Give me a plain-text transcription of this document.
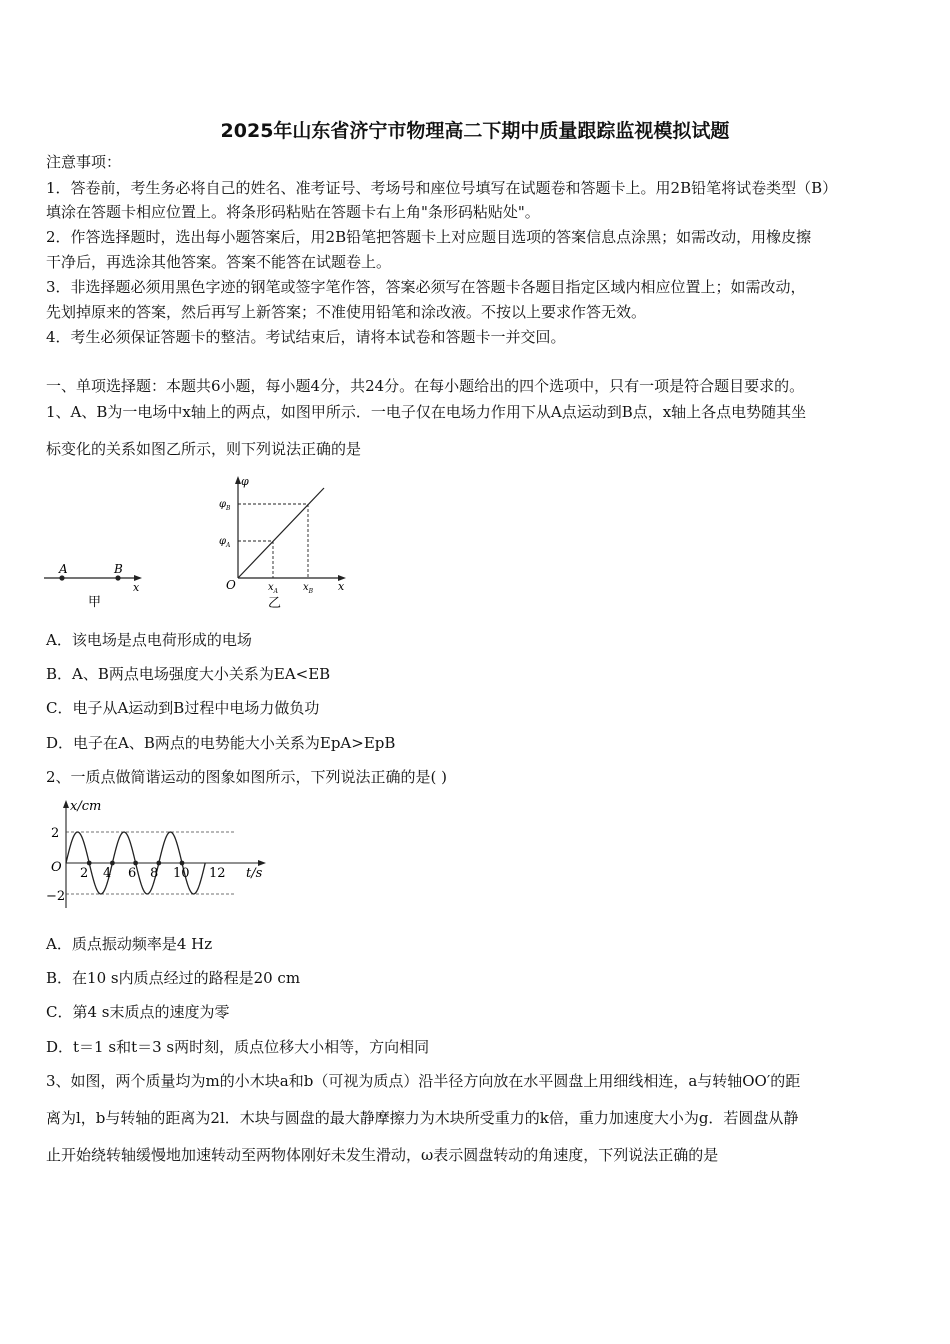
2025年山东省济宁市物理高二下期中质量跟踪监视模拟试题
注意事项：
1．答卷前，考生务必将自己的姓名、准考证号、考场号和座位号填写在试题卷和答题卡上。用2B铅笔将试卷类型（B）
填涂在答题卡相应位置上。将条形码粘贴在答题卡右上角"条形码粘贴处"。
2．作答选择题时，选出每小题答案后，用2B铅笔把答题卡上对应题目选项的答案信息点涂黑；如需改动，用橡皮擦
干净后，再选涂其他答案。答案不能答在试题卷上。
3．非选择题必须用黑色字迹的钢笔或签字笔作答，答案必须写在答题卡各题目指定区域内相应位置上；如需改动，
先划掉原来的答案，然后再写上新答案；不准使用铅笔和涂改液。不按以上要求作答无效。
4．考生必须保证答题卡的整洁。考试结束后，请将本试卷和答题卡一并交回。
一、单项选择题：本题共6小题，每小题4分，共24分。在每小题给出的四个选项中，只有一项是符合题目要求的。
1、A、B为一电场中x轴上的两点，如图甲所示．一电子仅在电场力作用下从A点运动到B点，x轴上各点电势随其坐
标变化的关系如图乙所示，则下列说法正确的是
A	B
x
甲
φ
$\varphi_B$
$\varphi_A$
O	$x_A$	$x_B$ x
乙
A．该电场是点电荷形成的电场
B．A、B两点电场强度大小关系为EA<EB
C．电子从A运动到B过程中电场力做负功
D．电子在A、B两点的电势能大小关系为EpA>EpB
2、一质点做简谐运动的图象如图所示，下列说法正确的是( )
x/cm
2
−2
O 2 4 6 8 10 12 t/s
A．质点振动频率是4 Hz
B．在10 s内质点经过的路程是20 cm
C．第4 s末质点的速度为零
D．t＝1 s和t＝3 s两时刻，质点位移大小相等，方向相同
3、如图，两个质量均为m的小木块a和b（可视为质点）沿半径方向放在水平圆盘上用细线相连，a与转轴OO′的距
离为l，b与转轴的距离为2l．木块与圆盘的最大静摩擦力为木块所受重力的k倍，重力加速度大小为g．若圆盘从静
止开始绕转轴缓慢地加速转动至两物体刚好未发生滑动，ω表示圆盘转动的角速度，下列说法正确的是
